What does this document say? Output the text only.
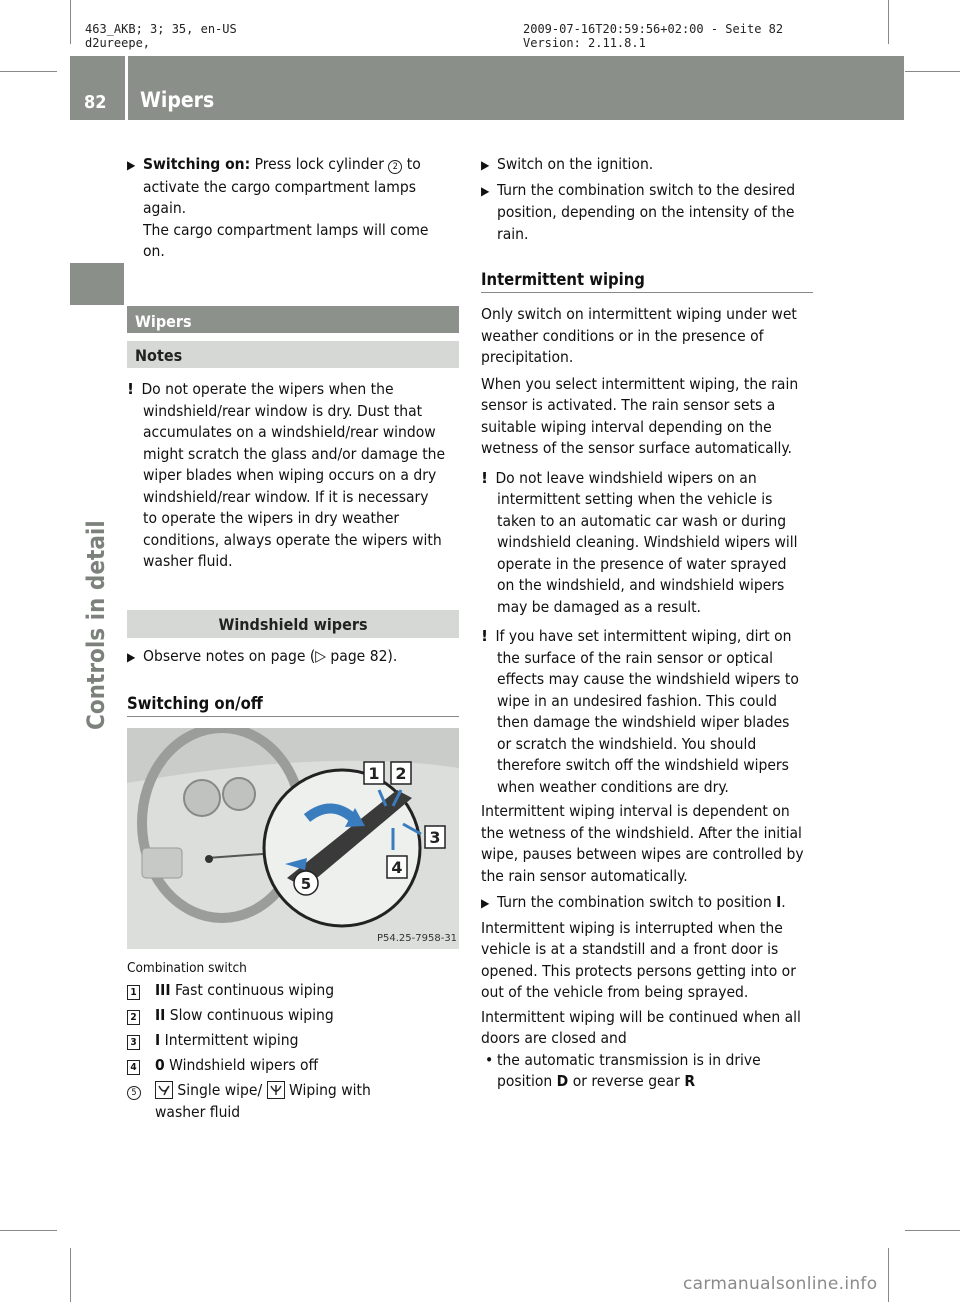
463_AKB; 3; 35, en-US
d2ureepe,
2009-07-16T20:59:56+02:00 - Seite 82
Version: 2.11.8.1
82 Wipers
Controls in detail
▶ Switching on: Press lock cylinder 2 to
activate the cargo compartment lamps
again.
The cargo compartment lamps will come
on.
Wipers
Notes
! Do not operate the wipers when the
windshield/rear window is dry. Dust that
accumulates on a windshield/rear window
might scratch the glass and/or damage the
wiper blades when wiping occurs on a dry
windshield/rear window. If it is necessary
to operate the wipers in dry weather
conditions, always operate the wipers with
washer fluid.
Windshield wipers
▶ Observe notes on page (▷ page 82).
Switching on/off
1 2
3
4
5
P54.25-7958-31
Combination switch
1 III Fast continuous wiping
2 II Slow continuous wiping
3 I Intermittent wiping
4 0 Windshield wipers off
5 Single wipe/  Wiping with
washer fluid
▶ Switch on the ignition.
▶ Turn the combination switch to the desired
position, depending on the intensity of the
rain.
Intermittent wiping
Only switch on intermittent wiping under wet
weather conditions or in the presence of
precipitation.
When you select intermittent wiping, the rain
sensor is activated. The rain sensor sets a
suitable wiping interval depending on the
wetness of the sensor surface automatically.
! Do not leave windshield wipers on an
intermittent setting when the vehicle is
taken to an automatic car wash or during
windshield cleaning. Windshield wipers will
operate in the presence of water sprayed
on the windshield, and windshield wipers
may be damaged as a result.
! If you have set intermittent wiping, dirt on
the surface of the rain sensor or optical
effects may cause the windshield wipers to
wipe in an undesired fashion. This could
then damage the windshield wiper blades
or scratch the windshield. You should
therefore switch off the windshield wipers
when weather conditions are dry.
Intermittent wiping interval is dependent on
the wetness of the windshield. After the initial
wipe, pauses between wipes are controlled by
the rain sensor automatically.
▶ Turn the combination switch to position I.
Intermittent wiping is interrupted when the
vehicle is at a standstill and a front door is
opened. This protects persons getting into or
out of the vehicle from being sprayed.
Intermittent wiping will be continued when all
doors are closed and
• the automatic transmission is in drive
position D or reverse gear R
carmanualsonline.info
